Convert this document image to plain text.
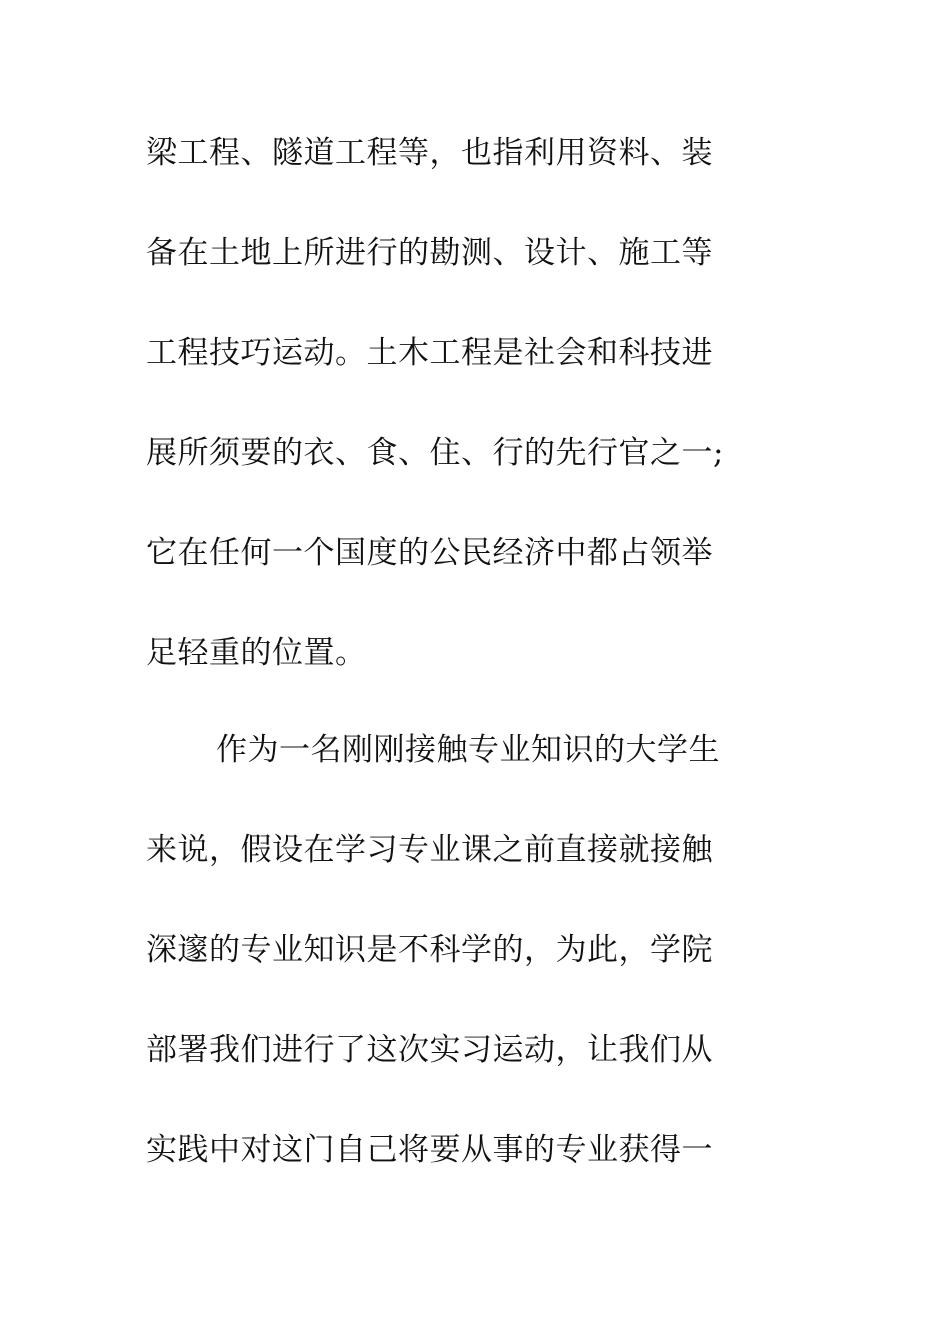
梁工程、隧道工程等，也指利用资料、装
备在土地上所进行的勘测、设计、施工等
工程技巧运动。土木工程是社会和科技进
展所须要的衣、食、住、行的先行官之一;
它在任何一个国度的公民经济中都占领举
足轻重的位置。
作为一名刚刚接触专业知识的大学生
来说，假设在学习专业课之前直接就接触
深邃的专业知识是不科学的，为此，学院
部署我们进行了这次实习运动，让我们从
实践中对这门自己将要从事的专业获得一
